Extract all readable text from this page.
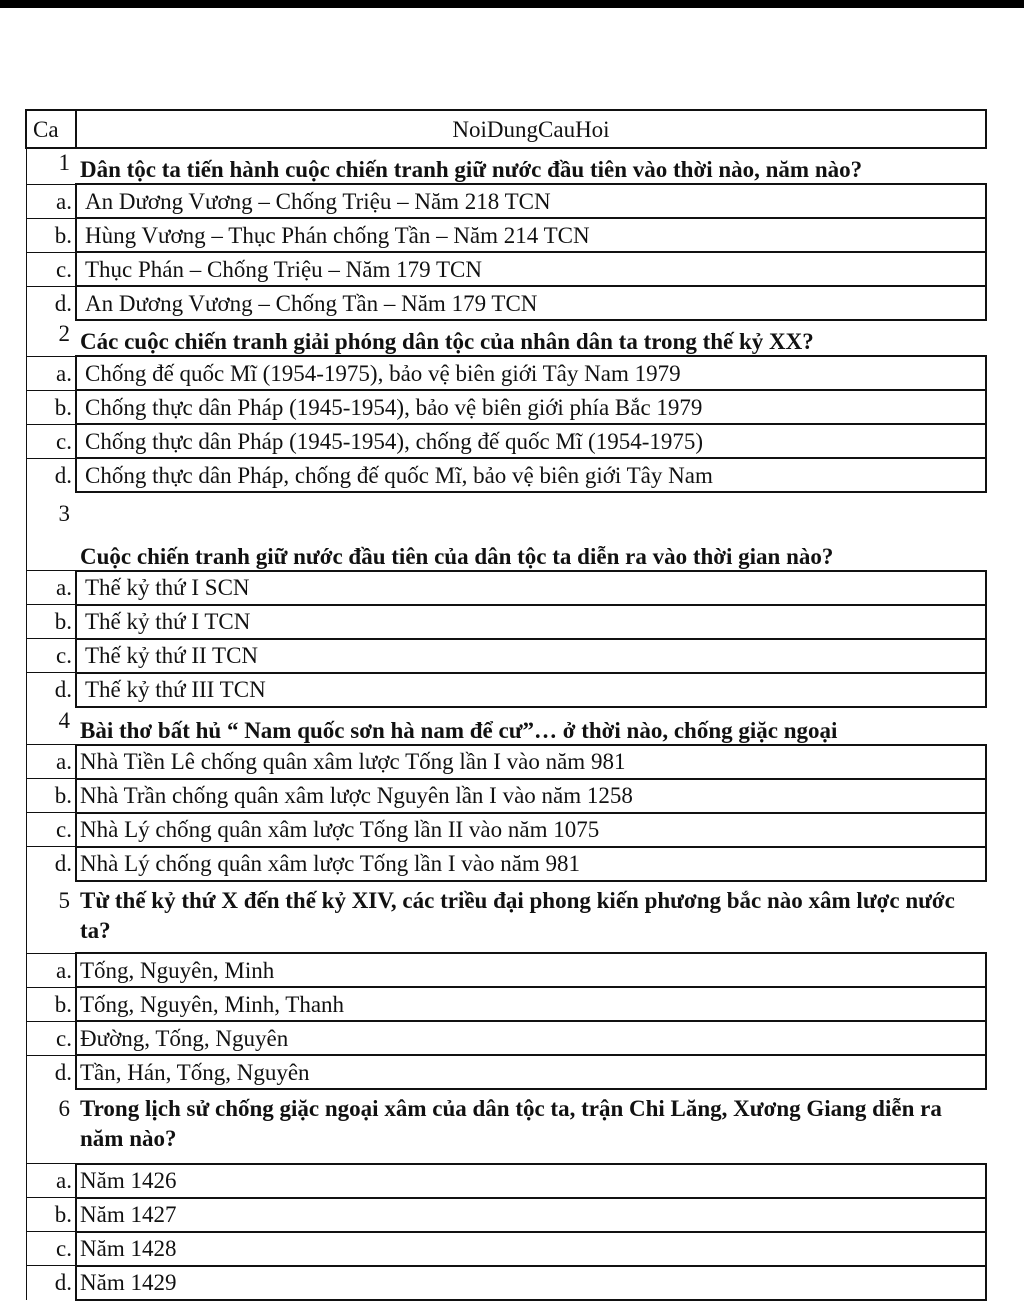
Ca	NoiDungCauHoi
1	Dân tộc ta tiến hành cuộc chiến tranh giữ nước đầu tiên vào thời nào, năm nào?
a.	An Dương Vương – Chống Triệu – Năm 218 TCN
b.	Hùng Vương – Thục Phán chống Tần – Năm 214 TCN
c.	Thục Phán – Chống Triệu – Năm 179 TCN
d.	An Dương Vương – Chống Tần – Năm 179 TCN
2	Các cuộc chiến tranh giải phóng dân tộc của nhân dân ta trong thế kỷ XX?
a.	Chống đế quốc Mĩ (1954-1975), bảo vệ biên giới Tây Nam 1979
b.	Chống thực dân Pháp (1945-1954), bảo vệ biên giới phía Bắc 1979
c.	Chống thực dân Pháp (1945-1954), chống đế quốc Mĩ (1954-1975)
d.	Chống thực dân Pháp, chống đế quốc Mĩ, bảo vệ biên giới Tây Nam
3	Cuộc chiến tranh giữ nước đầu tiên của dân tộc ta diễn ra vào thời gian nào?
a.	Thế kỷ thứ I SCN
b.	Thế kỷ thứ I TCN
c.	Thế kỷ thứ II TCN
d.	Thế kỷ thứ III TCN
4	Bài thơ bất hủ “ Nam quốc sơn hà nam để cư”… ở thời nào, chống giặc ngoại
a.	Nhà Tiền Lê chống quân xâm lược Tống lần I vào năm 981
b.	Nhà Trần chống quân xâm lược Nguyên lần I vào năm 1258
c.	Nhà Lý chống quân xâm lược Tống lần II vào năm 1075
d.	Nhà Lý chống quân xâm lược Tống lần I vào năm 981
5	Từ thế kỷ thứ X đến thế kỷ XIV, các triều đại phong kiến phương bắc nào xâm lược nước ta?
a.	Tống, Nguyên, Minh
b.	Tống, Nguyên, Minh, Thanh
c.	Đường, Tống, Nguyên
d.	Tần, Hán, Tống, Nguyên
6	Trong lịch sử chống giặc ngoại xâm của dân tộc ta, trận Chi Lăng, Xương Giang diễn ra năm nào?
a.	Năm 1426
b.	Năm 1427
c.	Năm 1428
d.	Năm 1429
